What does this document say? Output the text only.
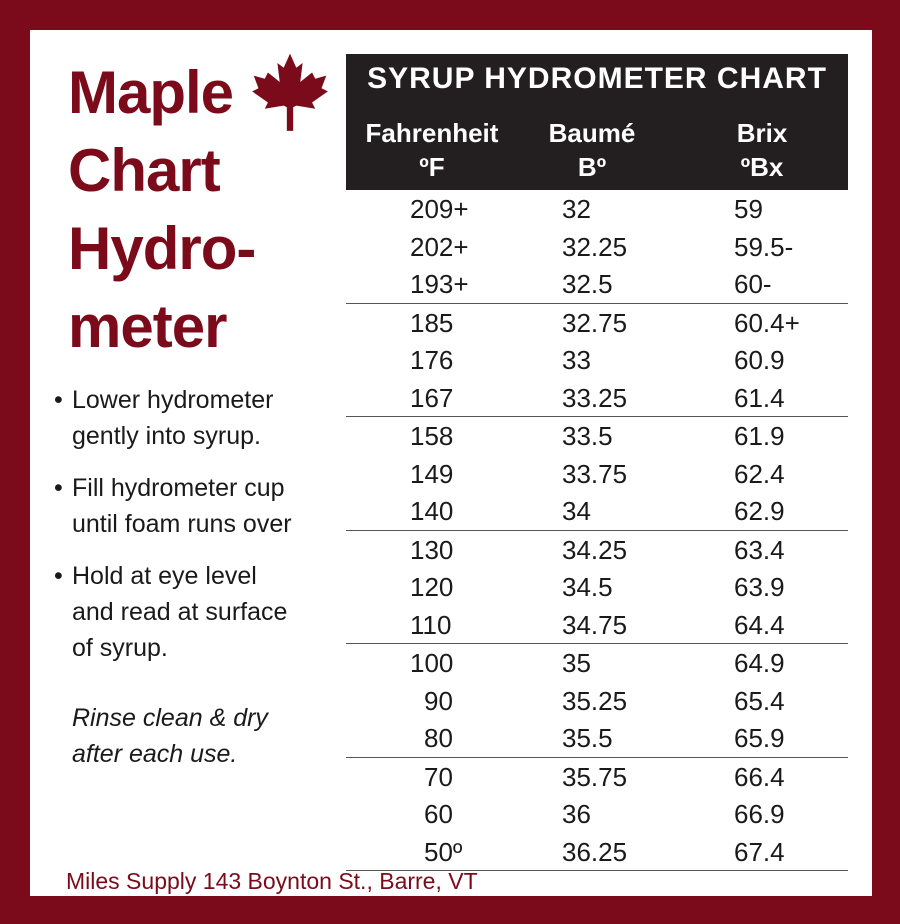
Maple
Chart
Hydro-
meter
• Lower hydrometer
gently into syrup.
• Fill hydrometer cup
until foam runs over
• Hold at eye level
and read at surface
of syrup.
Rinse clean & dry
after each use.
Miles Supply 143 Boynton St., Barre, VT
SYRUP HYDROMETER CHART
Fahrenheit
ºF
Baumé
Bº
Brix
ºBx
209+	32	59
202+	32.25	59.5-
193+	32.5	60-
185	32.75	60.4+
176	33	60.9
167	33.25	61.4
158	33.5	61.9
149	33.75	62.4
140	34	62.9
130	34.25	63.4
120	34.5	63.9
110	34.75	64.4
100	35	64.9
90	35.25	65.4
80	35.5	65.9
70	35.75	66.4
60	36	66.9
50º	36.25	67.4
